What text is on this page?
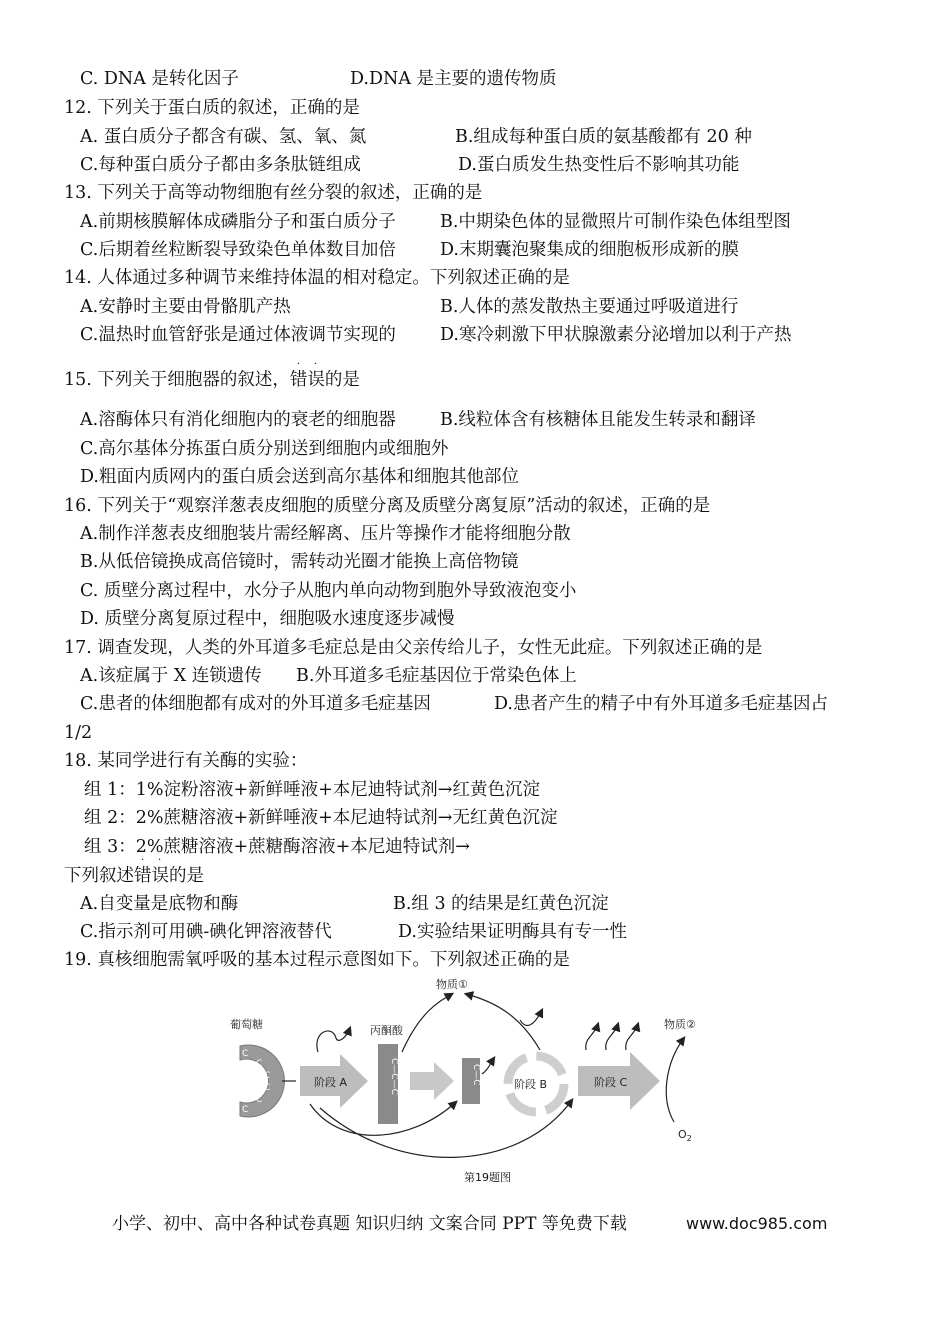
C. DNA 是转化因子	D.DNA 是主要的遗传物质
12. 下列关于蛋白质的叙述，正确的是
A. 蛋白质分子都含有碳、氢、氧、氮	B.组成每种蛋白质的氨基酸都有 20 种
C.每种蛋白质分子都由多条肽链组成	D.蛋白质发生热变性后不影响其功能
13. 下列关于高等动物细胞有丝分裂的叙述，正确的是
A.前期核膜解体成磷脂分子和蛋白质分子	B.中期染色体的显微照片可制作染色体组型图
C.后期着丝粒断裂导致染色单体数目加倍	D.末期囊泡聚集成的细胞板形成新的膜
14. 人体通过多种调节来维持体温的相对稳定。下列叙述正确的是
A.安静时主要由骨骼肌产热	B.人体的蒸发散热主要通过呼吸道进行
C.温热时血管舒张是通过体液调节实现的	D.寒冷刺激下甲状腺激素分泌增加以利于产热
15. 下列关于细胞器的叙述，
· ·
错误的是
A.溶酶体只有消化细胞内的衰老的细胞器	B.线粒体含有核糖体且能发生转录和翻译
C.高尔基体分拣蛋白质分别送到细胞内或细胞外
D.粗面内质网内的蛋白质会送到高尔基体和细胞其他部位
16. 下列关于“观察洋葱表皮细胞的质壁分离及质壁分离复原”活动的叙述，正确的是
A.制作洋葱表皮细胞装片需经解离、压片等操作才能将细胞分散
B.从低倍镜换成高倍镜时，需转动光圈才能换上高倍物镜
C. 质壁分离过程中，水分子从胞内单向动物到胞外导致液泡变小
D. 质壁分离复原过程中，细胞吸水速度逐步减慢
17. 调查发现，人类的外耳道多毛症总是由父亲传给儿子，女性无此症。下列叙述正确的是
A.该症属于 X 连锁遗传 B.外耳道多毛症基因位于常染色体上
C.患者的体细胞都有成对的外耳道多毛症基因	D.患者产生的精子中有外耳道多毛症基因占
1/2
18. 某同学进行有关酶的实验：
组 1：1%淀粉溶液+新鲜唾液+本尼迪特试剂→红黄色沉淀
组 2：2%蔗糖溶液+新鲜唾液+本尼迪特试剂→无红黄色沉淀
组 3：2%蔗糖溶液+蔗糖酶溶液+本尼迪特试剂→
下列叙述
· ·
错误的是
A.自变量是底物和酶	B.组 3 的结果是红黄色沉淀
C.指示剂可用碘-碘化钾溶液替代	D.实验结果证明酶具有专一性
19. 真核细胞需氧呼吸的基本过程示意图如下。下列叙述正确的是
葡萄糖
C
C
C
C
C
C
阶段 A
丙酮酸
C—C—C	C—C
物质①
阶段 B	阶段 C
物质②
$O_2$
第19题图
小学、初中、高中各种试卷真题 知识归纳 文案合同 PPT 等免费下载	www.doc985.com
